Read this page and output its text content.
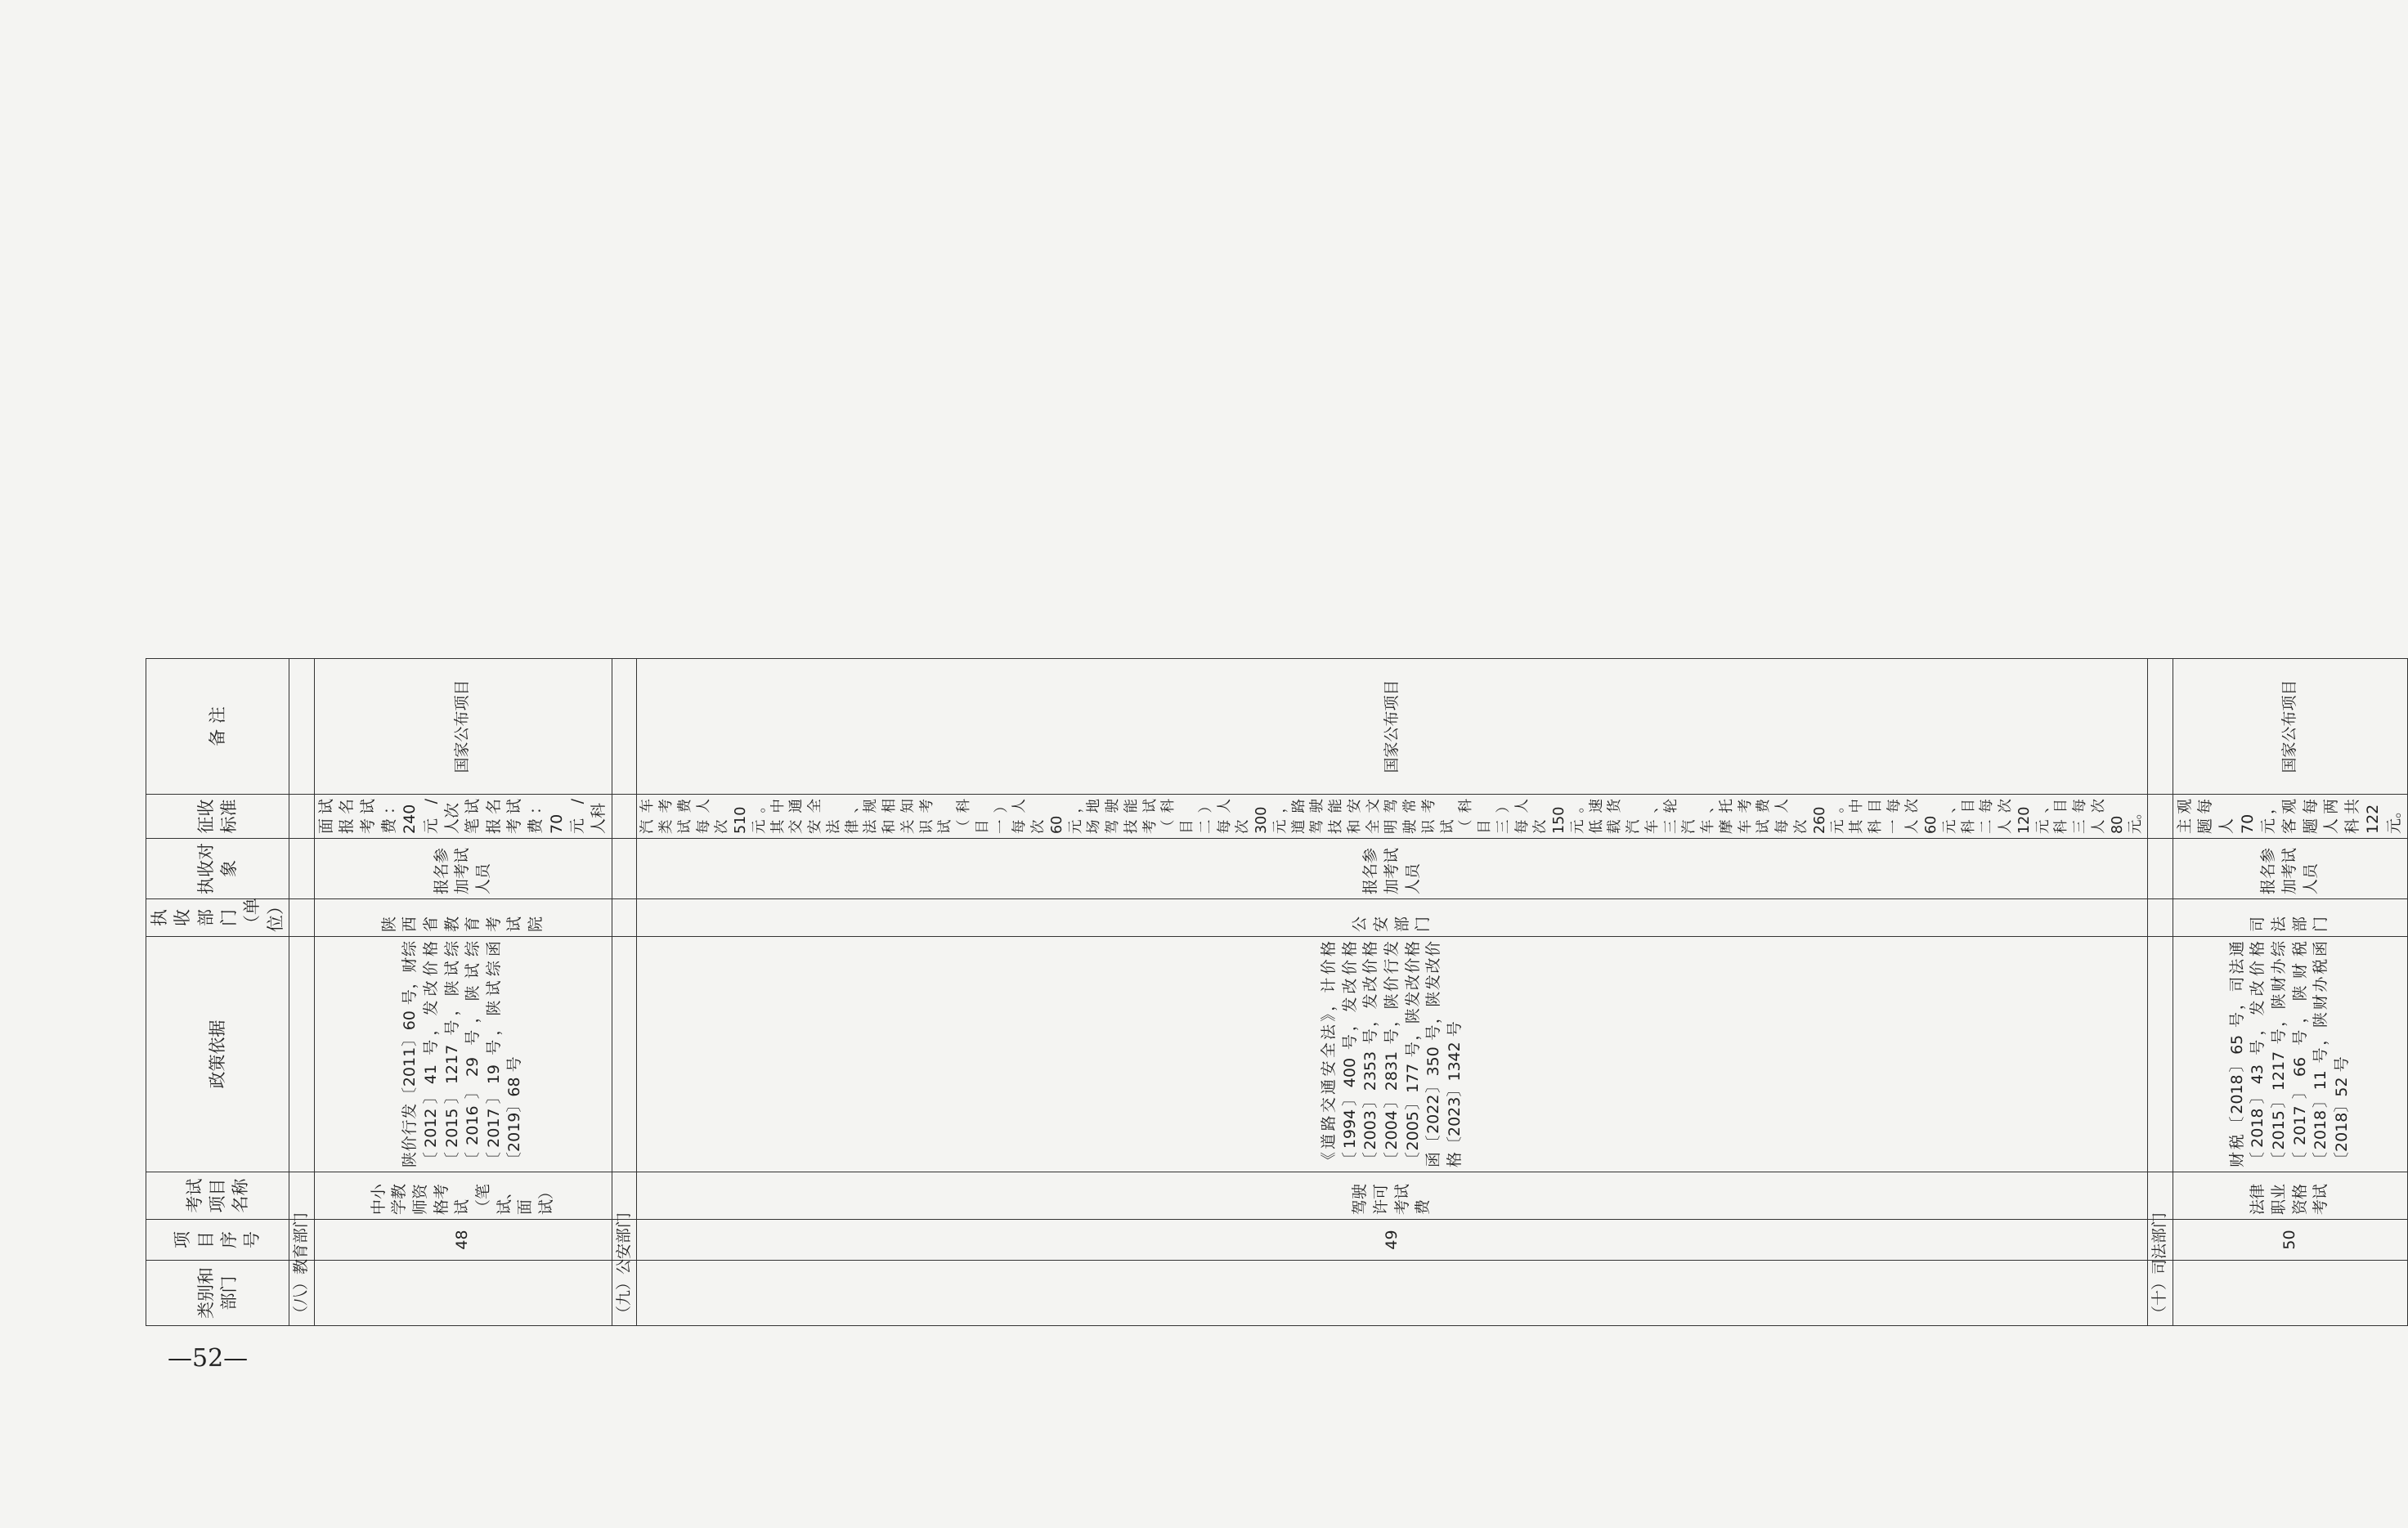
—52—
类别和部门	项目序号	考试项目名称	政策依据	执收部门（单位）	执收对象	征收标准	备 注
（八）教育部门							
	48	中小学教师资格考试（笔试、面试）	陕价行发〔2011〕60 号，财综〔2012〕41 号，发改价格〔2015〕1217 号，陕试综〔2016〕29 号，陕试综〔2017〕19 号，陕试综函〔2019〕68 号	陕西省教育考试院	报名参加考试人员	面试报名考试费：240 元/人次
笔试报名考试费：70 元/人科	国家公布项目
（九）公安部门							
	49	驾驶许可考试费	《道路交通安全法》，计价格〔1994〕400 号，发改价格〔2003〕2353 号，发改价格〔2004〕2831 号，陕价行发〔2005〕177 号，陕发改价格函〔2022〕350 号，陕发改价格〔2023〕1342 号	公安部门	报名参加考试人员	汽车类考试费每人次 510 元。其中交通安全法律、法规和相关知识考试（科目一）每人次 60 元，场地驾驶技能考试（科目二）每人次 300 元，道路驾驶技能和安全文明驾驶常识考试（科目三）每人次 150 元。低速载货汽车、三轮汽车、摩托车考试费每人次 260 元。其中科目一每人次 60 元、科目二每人次 120 元、科目三每人次 80 元。	国家公布项目
（十）司法部门							
	50	法律职业资格考试	财税〔2018〕65 号，司法通〔2018〕43 号，发改价格〔2015〕1217 号，陕财办综〔2017〕66 号，陕财税〔2018〕11 号，陕财办税函〔2018〕52 号	司法部门	报名参加考试人员	主观题每人 70 元，客观题每人两科共 122 元。	国家公布项目
